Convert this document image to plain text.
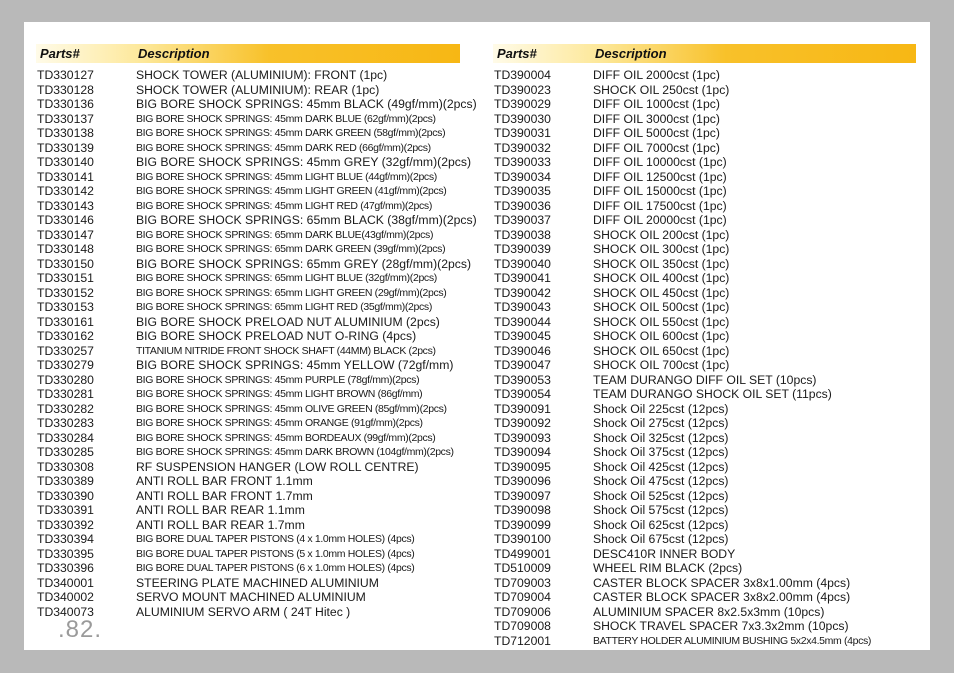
Parts#	Description
TD330127	SHOCK TOWER (ALUMINIUM): FRONT (1pc)
TD330128	SHOCK TOWER (ALUMINIUM): REAR (1pc)
TD330136	BIG BORE SHOCK SPRINGS: 45mm BLACK (49gf/mm)(2pcs)
TD330137	BIG BORE SHOCK SPRINGS: 45mm DARK BLUE (62gf/mm)(2pcs)
TD330138	BIG BORE SHOCK SPRINGS: 45mm DARK GREEN (58gf/mm)(2pcs)
TD330139	BIG BORE SHOCK SPRINGS: 45mm DARK RED (66gf/mm)(2pcs)
TD330140	BIG BORE SHOCK SPRINGS: 45mm GREY (32gf/mm)(2pcs)
TD330141	BIG BORE SHOCK SPRINGS: 45mm LIGHT BLUE (44gf/mm)(2pcs)
TD330142	BIG BORE SHOCK SPRINGS: 45mm LIGHT GREEN (41gf/mm)(2pcs)
TD330143	BIG BORE SHOCK SPRINGS: 45mm LIGHT RED (47gf/mm)(2pcs)
TD330146	BIG BORE SHOCK SPRINGS: 65mm BLACK (38gf/mm)(2pcs)
TD330147	BIG BORE SHOCK SPRINGS: 65mm DARK BLUE(43gf/mm)(2pcs)
TD330148	BIG BORE SHOCK SPRINGS: 65mm DARK GREEN (39gf/mm)(2pcs)
TD330150	BIG BORE SHOCK SPRINGS: 65mm GREY (28gf/mm)(2pcs)
TD330151	BIG BORE SHOCK SPRINGS: 65mm LIGHT BLUE (32gf/mm)(2pcs)
TD330152	BIG BORE SHOCK SPRINGS: 65mm LIGHT GREEN (29gf/mm)(2pcs)
TD330153	BIG BORE SHOCK SPRINGS: 65mm LIGHT RED (35gf/mm)(2pcs)
TD330161	BIG BORE SHOCK PRELOAD NUT ALUMINIUM (2pcs)
TD330162	BIG BORE SHOCK PRELOAD NUT O-RING (4pcs)
TD330257	TITANIUM NITRIDE FRONT SHOCK SHAFT (44MM) BLACK (2pcs)
TD330279	BIG BORE SHOCK SPRINGS: 45mm YELLOW (72gf/mm)
TD330280	BIG BORE SHOCK SPRINGS: 45mm PURPLE (78gf/mm)(2pcs)
TD330281	BIG BORE SHOCK SPRINGS: 45mm LIGHT BROWN (86gf/mm)
TD330282	BIG BORE SHOCK SPRINGS: 45mm OLIVE GREEN (85gf/mm)(2pcs)
TD330283	BIG BORE SHOCK SPRINGS: 45mm ORANGE (91gf/mm)(2pcs)
TD330284	BIG BORE SHOCK SPRINGS: 45mm BORDEAUX (99gf/mm)(2pcs)
TD330285	BIG BORE SHOCK SPRINGS: 45mm DARK BROWN (104gf/mm)(2pcs)
TD330308	RF SUSPENSION HANGER (LOW ROLL CENTRE)
TD330389	ANTI ROLL BAR FRONT 1.1mm
TD330390	ANTI ROLL BAR FRONT 1.7mm
TD330391	ANTI ROLL BAR REAR 1.1mm
TD330392	ANTI ROLL BAR REAR 1.7mm
TD330394	BIG BORE DUAL TAPER PISTONS (4 x 1.0mm HOLES) (4pcs)
TD330395	BIG BORE DUAL TAPER PISTONS (5 x 1.0mm HOLES) (4pcs)
TD330396	BIG BORE DUAL TAPER PISTONS (6 x 1.0mm HOLES) (4pcs)
TD340001	STEERING PLATE MACHINED ALUMINIUM
TD340002	SERVO MOUNT MACHINED ALUMINIUM
TD340073	ALUMINIUM SERVO ARM ( 24T Hitec )
Parts#	Description
TD390004	DIFF OIL 2000cst (1pc)
TD390023	SHOCK OIL 250cst (1pc)
TD390029	DIFF OIL 1000cst (1pc)
TD390030	DIFF OIL 3000cst (1pc)
TD390031	DIFF OIL 5000cst (1pc)
TD390032	DIFF OIL 7000cst (1pc)
TD390033	DIFF OIL 10000cst (1pc)
TD390034	DIFF OIL 12500cst (1pc)
TD390035	DIFF OIL 15000cst (1pc)
TD390036	DIFF OIL 17500cst (1pc)
TD390037	DIFF OIL 20000cst (1pc)
TD390038	SHOCK OIL 200cst (1pc)
TD390039	SHOCK OIL 300cst (1pc)
TD390040	SHOCK OIL 350cst (1pc)
TD390041	SHOCK OIL 400cst (1pc)
TD390042	SHOCK OIL 450cst (1pc)
TD390043	SHOCK OIL 500cst (1pc)
TD390044	SHOCK OIL 550cst (1pc)
TD390045	SHOCK OIL 600cst (1pc)
TD390046	SHOCK OIL 650cst (1pc)
TD390047	SHOCK OIL 700cst (1pc)
TD390053	TEAM DURANGO DIFF OIL SET (10pcs)
TD390054	TEAM DURANGO SHOCK OIL SET (11pcs)
TD390091	Shock Oil 225cst (12pcs)
TD390092	Shock Oil 275cst (12pcs)
TD390093	Shock Oil 325cst (12pcs)
TD390094	Shock Oil 375cst (12pcs)
TD390095	Shock Oil 425cst (12pcs)
TD390096	Shock Oil 475cst (12pcs)
TD390097	Shock Oil 525cst (12pcs)
TD390098	Shock Oil 575cst (12pcs)
TD390099	Shock Oil 625cst (12pcs)
TD390100	Shock Oil 675cst (12pcs)
TD499001	DESC410R INNER BODY
TD510009	WHEEL RIM BLACK (2pcs)
TD709003	CASTER BLOCK SPACER 3x8x1.00mm (4pcs)
TD709004	CASTER BLOCK SPACER 3x8x2.00mm (4pcs)
TD709006	ALUMINIUM SPACER 8x2.5x3mm (10pcs)
TD709008	SHOCK TRAVEL SPACER 7x3.3x2mm (10pcs)
TD712001	BATTERY HOLDER ALUMINIUM BUSHING 5x2x4.5mm (4pcs)
.82.
